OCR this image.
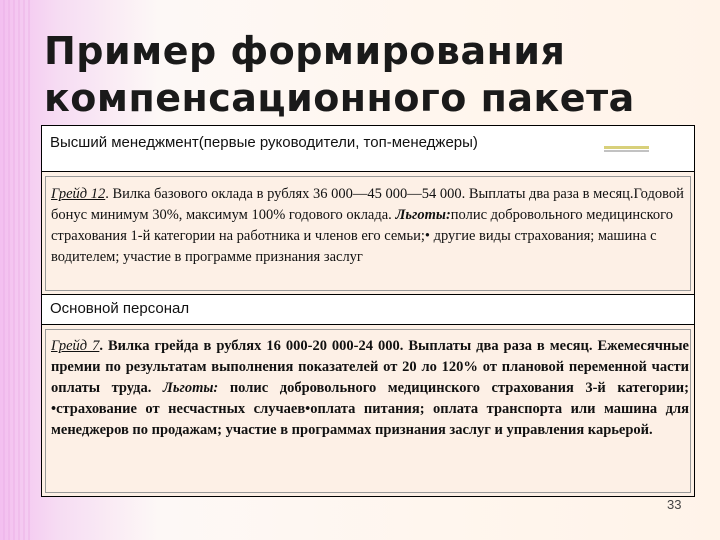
Пример формирования
компенсационного пакета
Высший менеджмент(первые руководители, топ-менеджеры)
Грейд 12. Вилка базового оклада в рублях 36 000—45 000—54 000. Выплаты два раза в месяц.Годовой бонус минимум 30%, максимум 100% годового оклада. Льготы:полис добровольного медицинского страхования 1-й категории на работника и членов его семьи;• другие виды страхования; машина с водителем; участие в программе признания заслуг
Основной персонал
Грейд 7. Вилка грейда в рублях 16 000-20 000-24 000. Выплаты два раза в месяц. Ежемесячные премии по результатам выполнения показателей от 20 ло 120% от плановой переменной части оплаты труда. Льготы: полис добровольного медицинского страхования 3-й категории; •страхование от несчастных случаев•оплата питания; оплата транспорта или машина для менеджеров по продажам; участие в программах признания заслуг и управления карьерой.
33
